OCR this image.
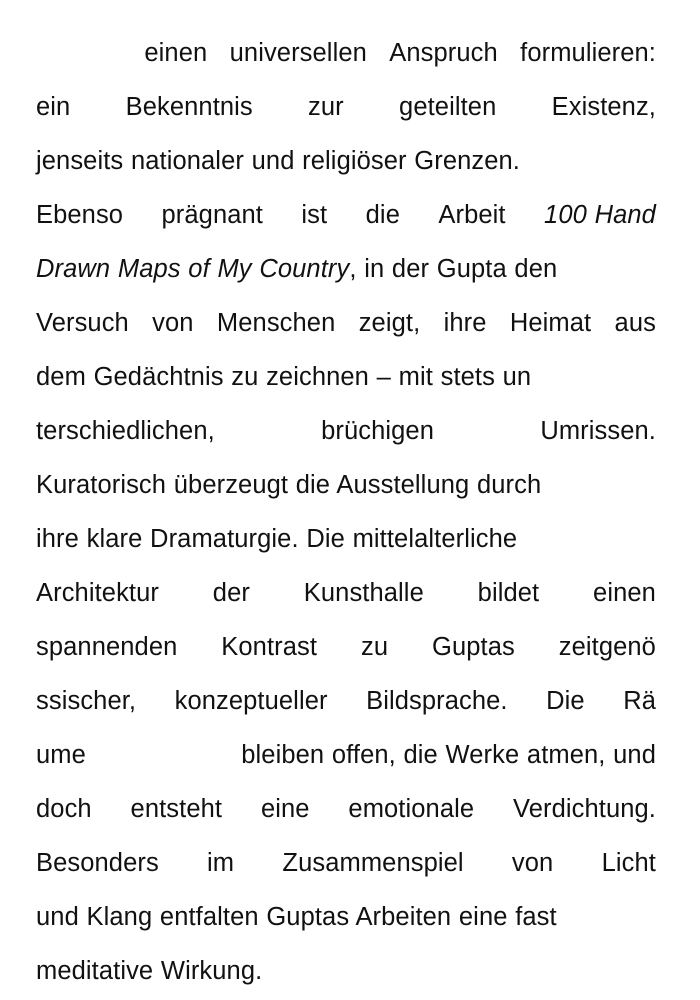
einen universellen Anspruch formulieren:
ein Bekenntnis zur geteilten Existenz,
jenseits nationaler und religiöser Grenzen.
Ebenso prägnant ist die Arbeit 100 Hand
Drawn Maps of My Country, in der Gupta den
Versuch von Menschen zeigt, ihre Heimat aus
dem Gedächtnis zu zeichnen – mit stets un
terschiedlichen,	brüchigen	Umrissen.
Kuratorisch überzeugt die Ausstellung durch
ihre klare Dramaturgie. Die mittelalterliche
Architektur der Kunsthalle bildet einen
spannenden Kontrast zu Guptas zeitgenö
ssischer, konzeptueller Bildsprache. Die Rä
ume	bleiben offen, die Werke atmen, und
doch entsteht eine emotionale Verdichtung.
Besonders im Zusammenspiel von Licht
und Klang entfalten Guptas Arbeiten eine fast
meditative Wirkung.
